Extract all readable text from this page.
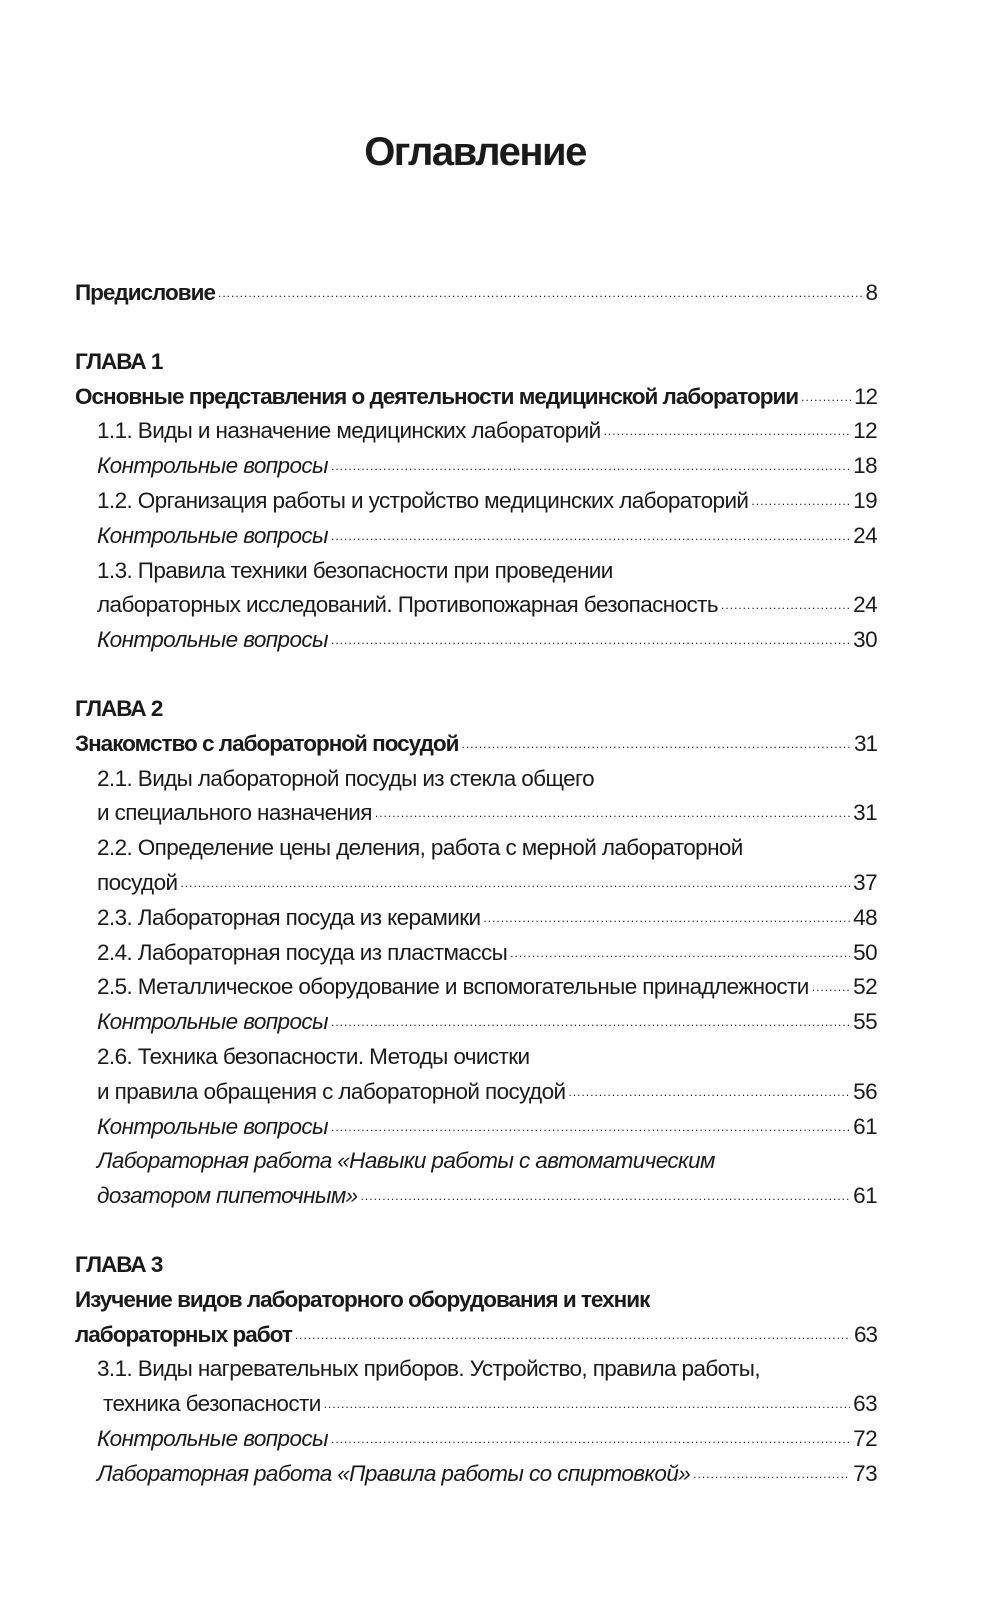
Оглавление
Предисловие .....	8
ГЛАВА 1
Основные представления о деятельности медицинской лаборатории ..... 12
1.1. Виды и назначение медицинских лабораторий .....	12
Контрольные вопросы .....	18
1.2. Организация работы и устройство медицинских лабораторий .....	19
Контрольные вопросы .....	24
1.3. Правила техники безопасности при проведении
лабораторных исследований. Противопожарная безопасность .....	24
Контрольные вопросы .....	30
ГЛАВА 2
Знакомство с лабораторной посудой .....	31
2.1. Виды лабораторной посуды из стекла общего
и специального назначения .....	31
2.2. Определение цены деления, работа с мерной лабораторной
посудой .....	37
2.3. Лабораторная посуда из керамики .....	48
2.4. Лабораторная посуда из пластмассы .....	50
2.5. Металлическое оборудование и вспомогательные принадлежности ..... 52
Контрольные вопросы .....	55
2.6. Техника безопасности. Методы очистки
и правила обращения с лабораторной посудой .....	56
Контрольные вопросы .....	61
Лабораторная работа «Навыки работы с автоматическим
дозатором пипеточным» .....	61
ГЛАВА 3
Изучение видов лабораторного оборудования и техник
лабораторных работ .....	63
3.1. Виды нагревательных приборов. Устройство, правила работы,
техника безопасности .....	63
Контрольные вопросы .....	72
Лабораторная работа «Правила работы со спиртовкой» .....	73
